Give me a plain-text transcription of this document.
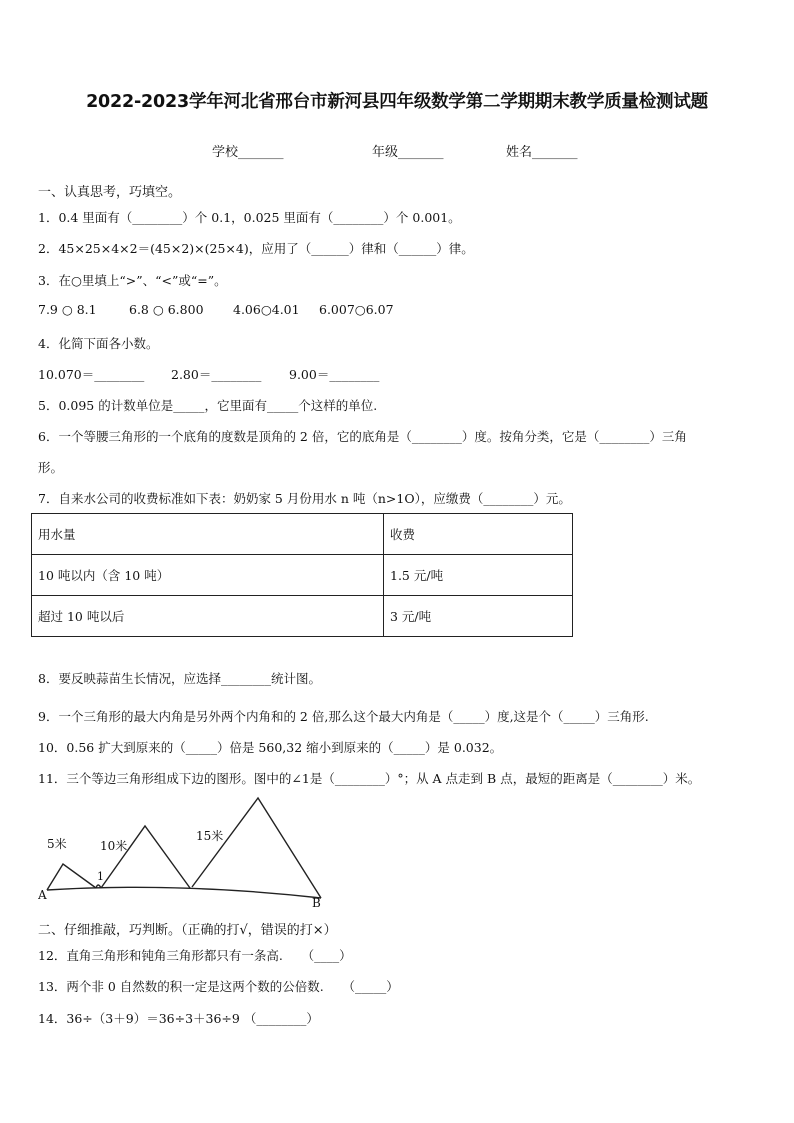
2022-2023学年河北省邢台市新河县四年级数学第二学期期末教学质量检测试题
学校_______	年级_______	姓名_______
一、认真思考，巧填空。
1．0.4 里面有（________）个 0.1，0.025 里面有（________）个 0.001。
2．45×25×4×2＝(45×2)×(25×4)，应用了（______）律和（______）律。
3．在○里填上“>”、“<”或“=”。
7.9 ○ 8.1	6.8 ○ 6.800 4.06○4.01 6.007○6.07
4．化简下面各小数。
10.070＝________ 2.80＝________ 9.00＝________
5．0.095 的计数单位是_____，它里面有_____个这样的单位.
6．一个等腰三角形的一个底角的度数是顶角的 2 倍，它的底角是（________）度。按角分类，它是（________）三角
形。
7．自来水公司的收费标准如下表：奶奶家 5 月份用水 n 吨（n>1O），应缴费（________）元。
用水量	收费
10 吨以内（含 10 吨）	1.5 元/吨
超过 10 吨以后	3 元/吨
8．要反映蒜苗生长情况，应选择________统计图。
9．一个三角形的最大内角是另外两个内角和的 2 倍,那么这个最大内角是（_____）度,这是个（_____）三角形.
10．0.56 扩大到原来的（_____）倍是 560,32 缩小到原来的（_____）是 0.032。
11．三个等边三角形组成下边的图形。图中的∠1是（________）°；从 A 点走到 B 点，最短的距离是（________）米。
A
B
1
5米	10米
15米
二、仔细推敲，巧判断。（正确的打√，错误的打×）
12．直角三角形和钝角三角形都只有一条高.　　（____）
13．两个非 0 自然数的积一定是这两个数的公倍数.　　（_____）
14．36÷（3＋9）＝36÷3＋36÷9 （________）
